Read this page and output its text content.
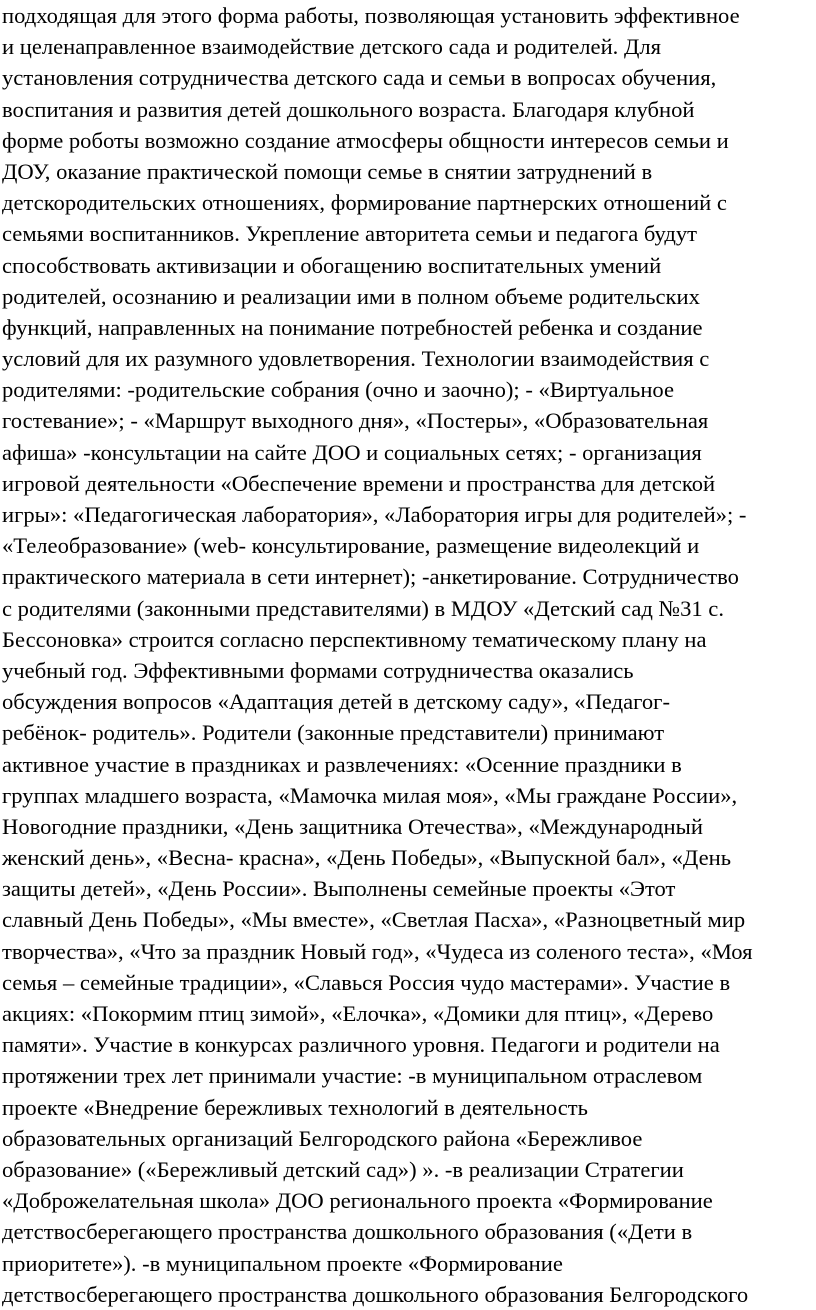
подходящая для этого форма работы, позволяющая установить эффективное
и целенаправленное взаимодействие детского сада и родителей. Для
установления сотрудничества детского сада и семьи в вопросах обучения,
воспитания и развития детей дошкольного возраста. Благодаря клубной
форме роботы возможно создание атмосферы общности интересов семьи и
ДОУ, оказание практической помощи семье в снятии затруднений в
детскородительских отношениях, формирование партнерских отношений с
семьями воспитанников. Укрепление авторитета семьи и педагога будут
способствовать активизации и обогащению воспитательных умений
родителей, осознанию и реализации ими в полном объеме родительских
функций, направленных на понимание потребностей ребенка и создание
условий для их разумного удовлетворения. Технологии взаимодействия с
родителями: -родительские собрания (очно и заочно); - «Виртуальное
гостевание»; - «Маршрут выходного дня», «Постеры», «Образовательная
афиша» -консультации на сайте ДОО и социальных сетях; - организация
игровой деятельности «Обеспечение времени и пространства для детской
игры»: «Педагогическая лаборатория», «Лаборатория игры для родителей»; -
«Телеобразование» (web- консультирование, размещение видеолекций и
практического материала в сети интернет); -анкетирование. Сотрудничество
с родителями (законными представителями) в МДОУ «Детский сад №31 с.
Бессоновка» строится согласно перспективному тематическому плану на
учебный год. Эффективными формами сотрудничества оказались
обсуждения вопросов «Адаптация детей в детскому саду», «Педагог-
ребёнок- родитель». Родители (законные представители) принимают
активное участие в праздниках и развлечениях: «Осенние праздники в
группах младшего возраста, «Мамочка милая моя», «Мы граждане России»,
Новогодние праздники, «День защитника Отечества», «Международный
женский день», «Весна- красна», «День Победы», «Выпускной бал», «День
защиты детей», «День России». Выполнены семейные проекты «Этот
славный День Победы», «Мы вместе», «Светлая Пасха», «Разноцветный мир
творчества», «Что за праздник Новый год», «Чудеса из соленого теста», «Моя
семья – семейные традиции», «Славься Россия чудо мастерами». Участие в
акциях: «Покормим птиц зимой», «Елочка», «Домики для птиц», «Дерево
памяти». Участие в конкурсах различного уровня. Педагоги и родители на
протяжении трех лет принимали участие: -в муниципальном отраслевом
проекте «Внедрение бережливых технологий в деятельность
образовательных организаций Белгородского района «Бережливое
образование» («Бережливый детский сад») ». -в реализации Стратегии
«Доброжелательная школа» ДОО регионального проекта «Формирование
детствосберегающего пространства дошкольного образования («Дети в
приоритете»). -в муниципальном проекте «Формирование
детствосберегающего пространства дошкольного образования Белгородского
